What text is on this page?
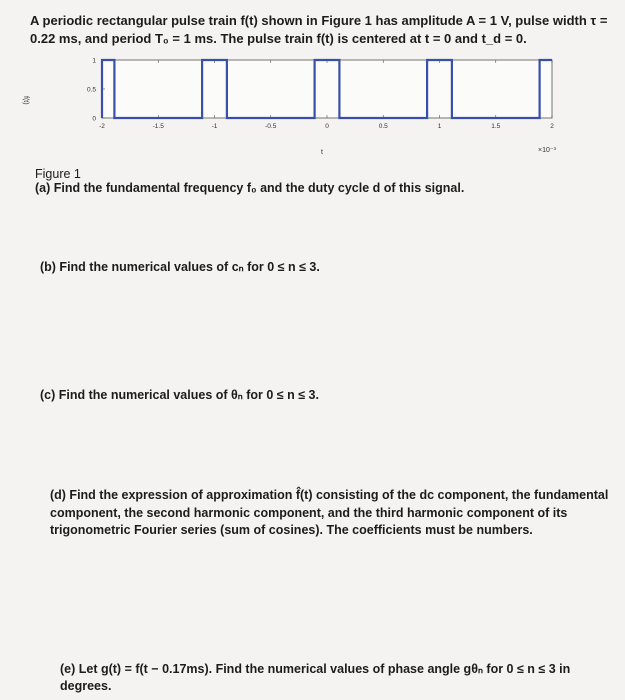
A periodic rectangular pulse train f(t) shown in Figure 1 has amplitude A = 1 V, pulse width τ = 0.22 ms, and period T₀ = 1 ms. The pulse train f(t) is centered at t = 0 and t_d = 0.

-2	-1.5	-1	-0.5	0	0.5	1	1.5	2
0
0.5
1
f(t)
t	×10⁻³

Figure 1

(a) Find the fundamental frequency f₀ and the duty cycle d of this signal.

(b) Find the numerical values of cₙ for 0 ≤ n ≤ 3.

(c) Find the numerical values of θₙ for 0 ≤ n ≤ 3.

(d) Find the expression of approximation f̂(t) consisting of the dc component, the fundamental component, the second harmonic component, and the third harmonic component of its trigonometric Fourier series (sum of cosines). The coefficients must be numbers.

(e) Let g(t) = f(t − 0.17ms). Find the numerical values of phase angle gθₙ for 0 ≤ n ≤ 3 in degrees.
